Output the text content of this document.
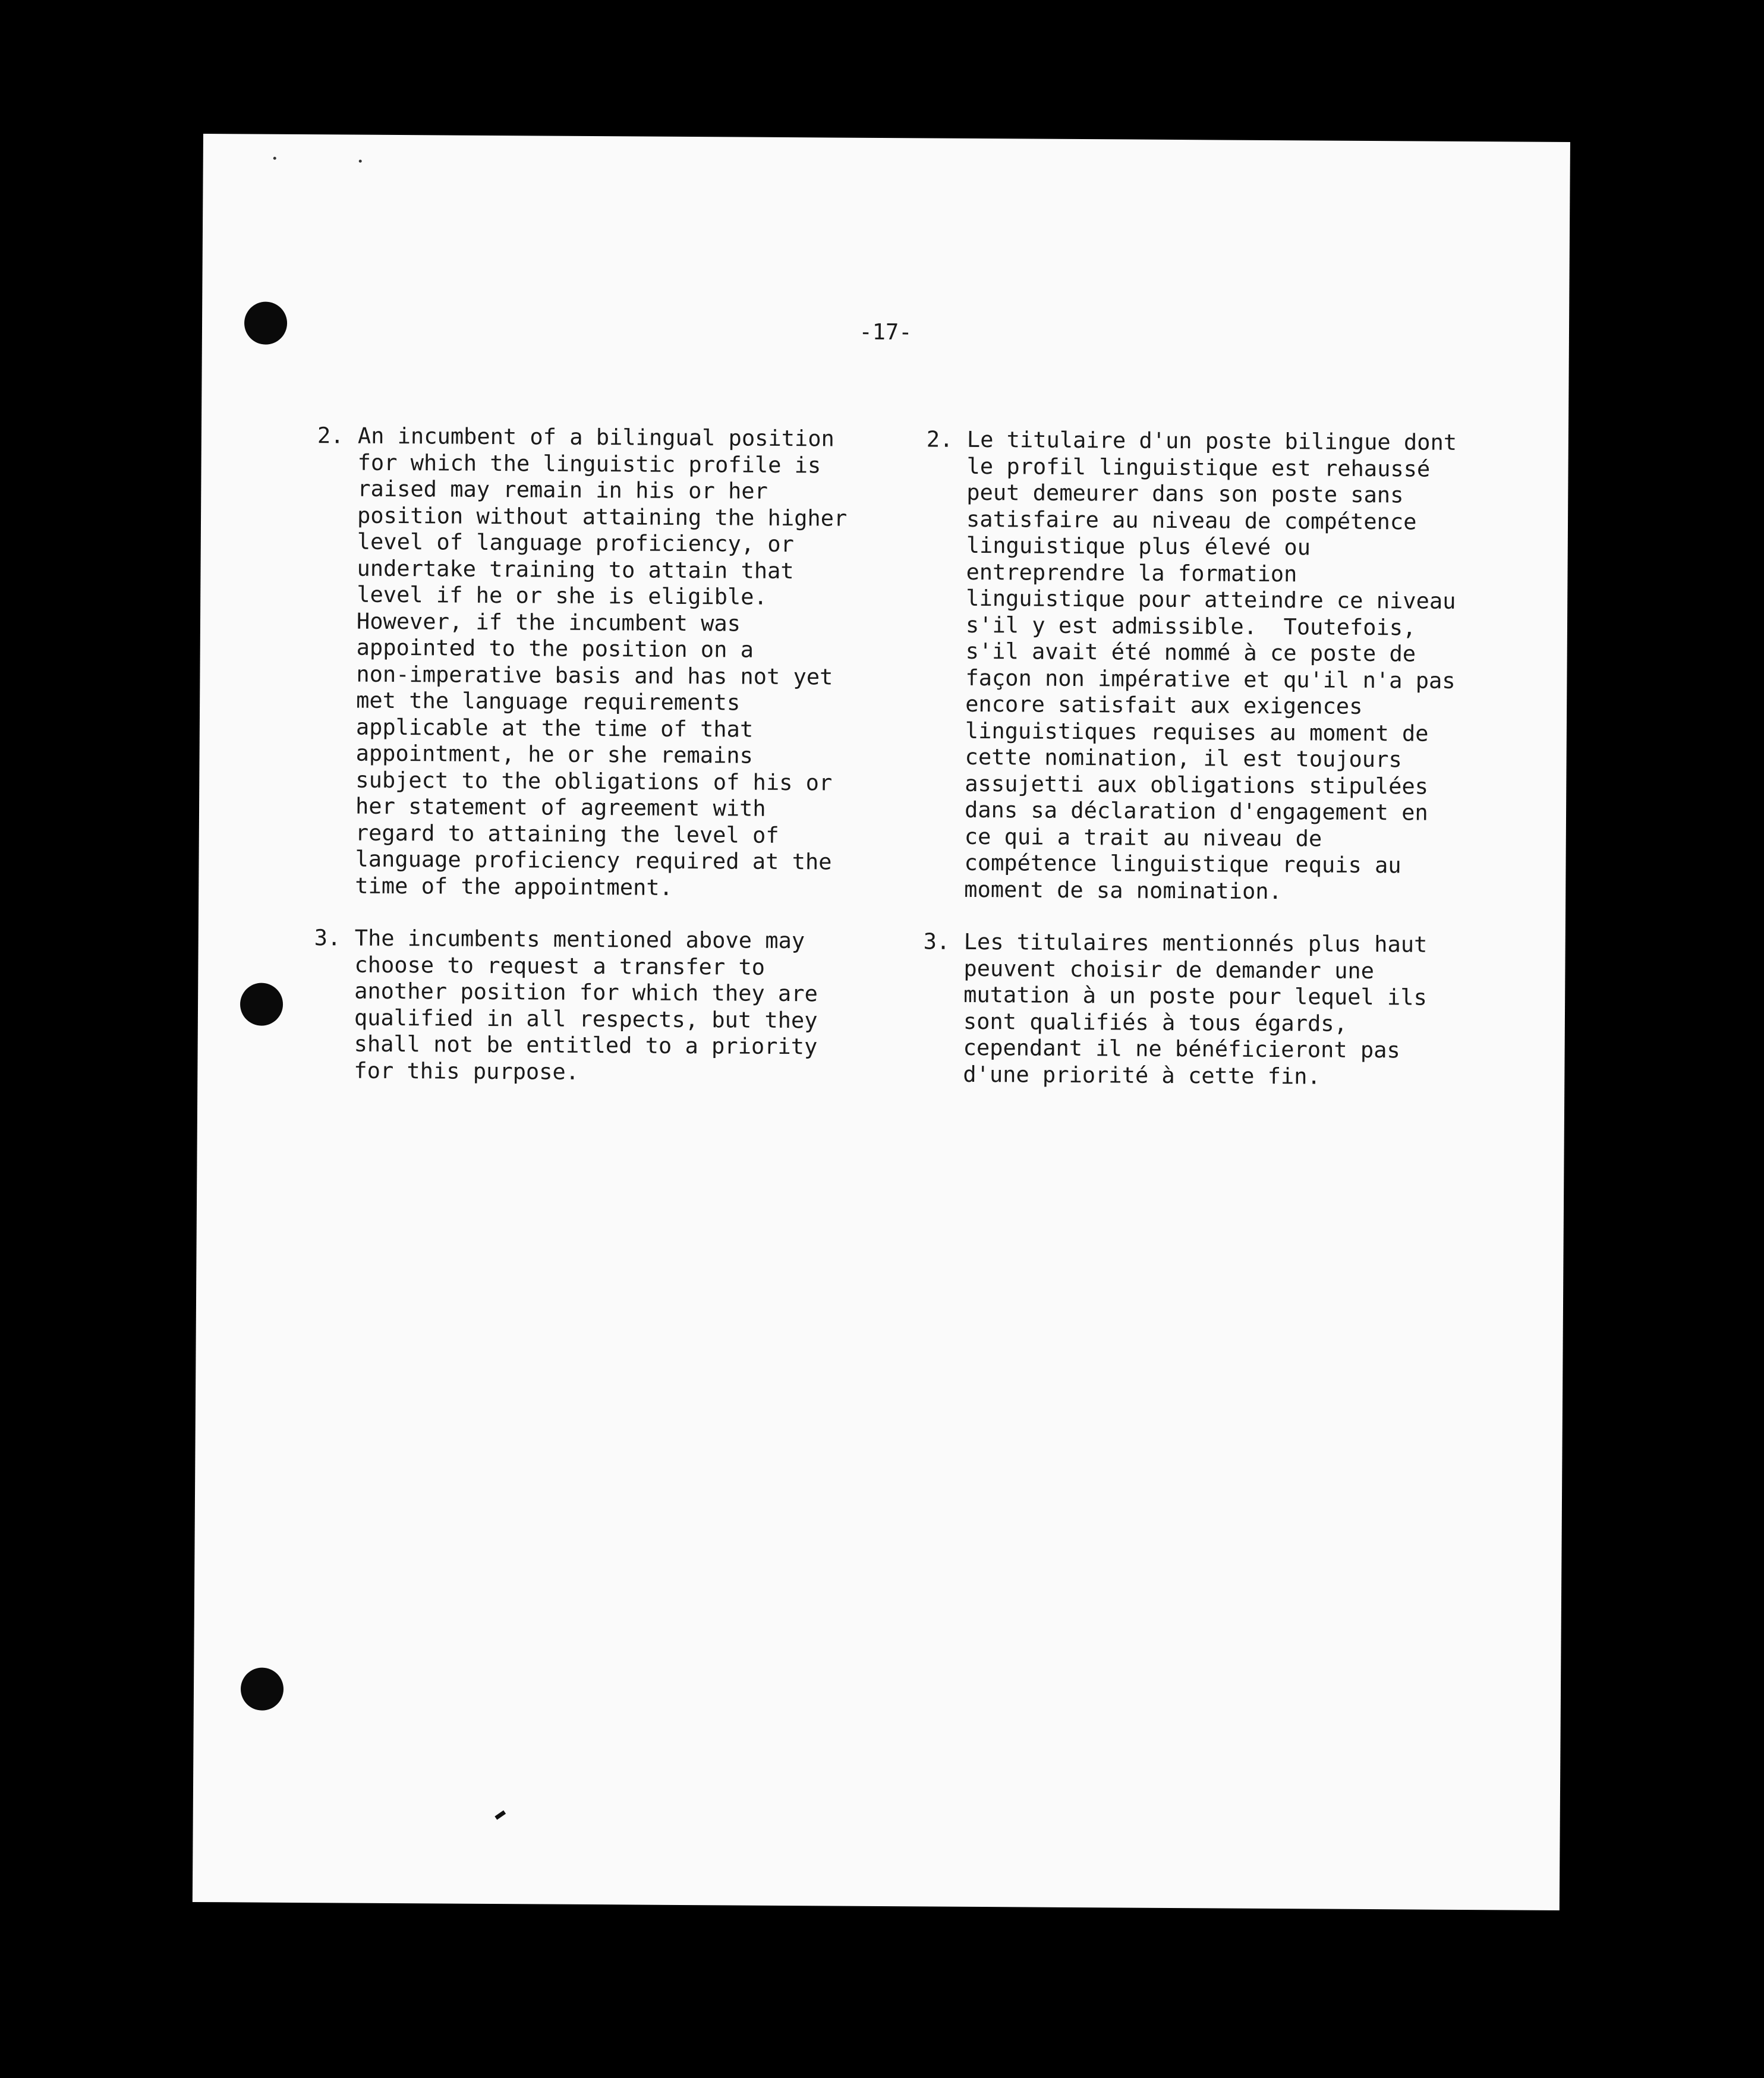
-17-

2. An incumbent of a bilingual position
for which the linguistic profile is
raised may remain in his or her
position without attaining the higher
level of language proficiency, or
undertake training to attain that
level if he or she is eligible.
However, if the incumbent was
appointed to the position on a
non-imperative basis and has not yet
met the language requirements
applicable at the time of that
appointment, he or she remains
subject to the obligations of his or
her statement of agreement with
regard to attaining the level of
language proficiency required at the
time of the appointment.
3. The incumbents mentioned above may
choose to request a transfer to
another position for which they are
qualified in all respects, but they
shall not be entitled to a priority
for this purpose.
2. Le titulaire d'un poste bilingue dont
le profil linguistique est rehaussé
peut demeurer dans son poste sans
satisfaire au niveau de compétence
linguistique plus élevé ou
entreprendre la formation
linguistique pour atteindre ce niveau
s'il y est admissible.  Toutefois,
s'il avait été nommé à ce poste de
façon non impérative et qu'il n'a pas
encore satisfait aux exigences
linguistiques requises au moment de
cette nomination, il est toujours
assujetti aux obligations stipulées
dans sa déclaration d'engagement en
ce qui a trait au niveau de
compétence linguistique requis au
moment de sa nomination.
3. Les titulaires mentionnés plus haut
peuvent choisir de demander une
mutation à un poste pour lequel ils
sont qualifiés à tous égards,
cependant il ne bénéficieront pas
d'une priorité à cette fin.
